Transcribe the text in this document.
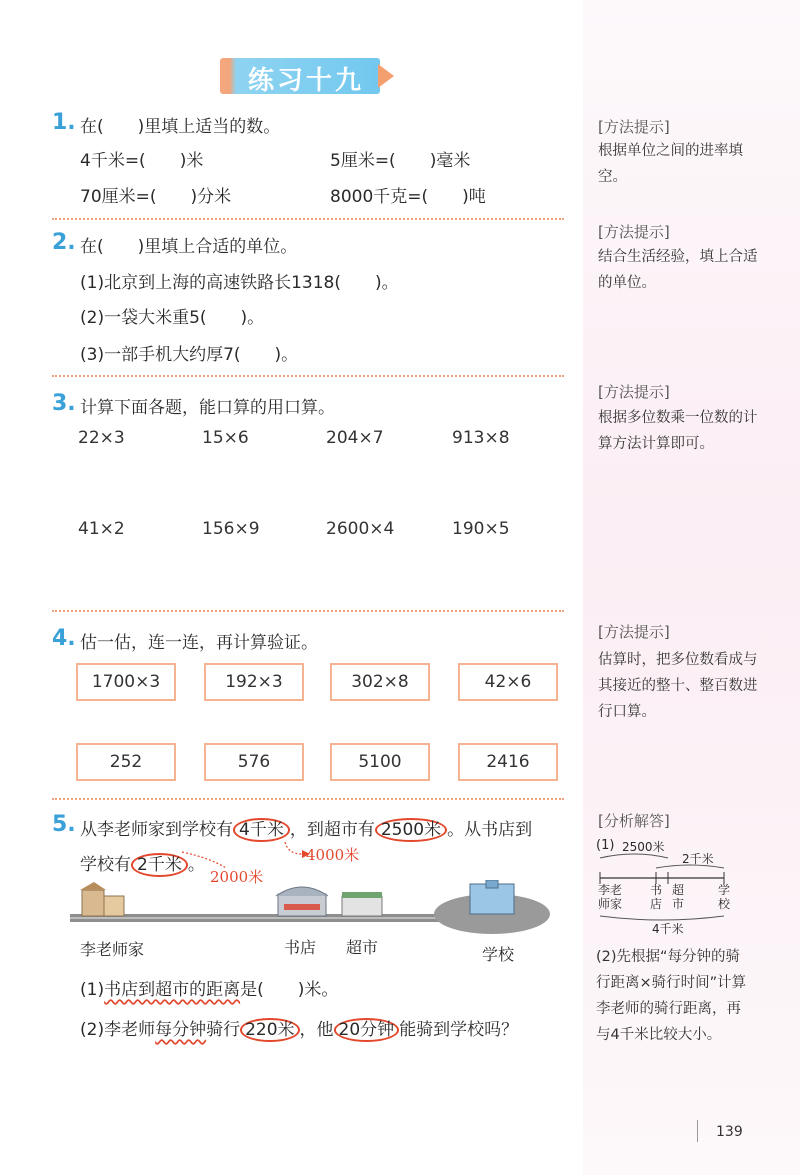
练习十九
1. 在(　　)里填上适当的数。
4千米=(　　)米	5厘米=(　　)毫米
70厘米=(　　)分米	8000千克=(　　)吨
2. 在(　　)里填上合适的单位。
(1)北京到上海的高速铁路长1318(　　)。
(2)一袋大米重5(　　)。
(3)一部手机大约厚7(　　)。
3. 计算下面各题，能口算的用口算。
22×3	15×6	204×7	913×8
41×2	156×9	2600×4	190×5
4. 估一估，连一连，再计算验证。
1700×3	192×3	302×8	42×6
252	576	5100	2416
5. 从李老师家到学校有 4千米 ，到超市有 2500米 。从书店到
学校有 2千米 。	4000米
2000米
李老师家	书店 超市	学校
(1)书店到超市的距离是(　　)米。
(2)李老师每分钟骑行 220米 ，他 20分钟 能骑到学校吗？
[方法提示]
根据单位之间的进率填空。
[方法提示]
结合生活经验，填上合适的单位。
[方法提示]
根据多位数乘一位数的计算方法计算即可。
[方法提示]
估算时，把多位数看成与其接近的整十、整百数进行口算。
[分析解答]
(1) 2500米
2千米
李老师家
书店
超市
学校
4千米
(2)先根据“每分钟的骑行距离×骑行时间”计算李老师的骑行距离，再与4千米比较大小。
139
